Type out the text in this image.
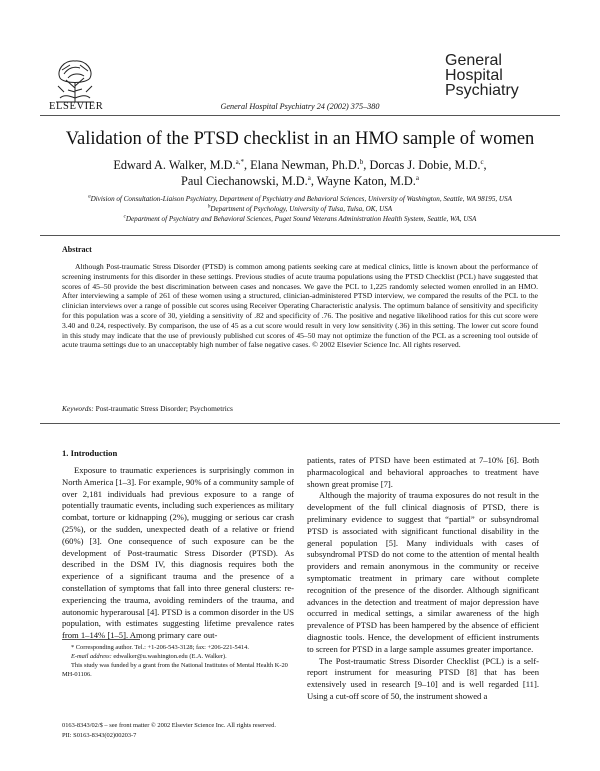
ELSEVIER	General Hospital Psychiatry 24 (2002) 375–380
General
Hospital
Psychiatry
Validation of the PTSD checklist in an HMO sample of women
Edward A. Walker, M.D.$^{a,*}$, Elana Newman, Ph.D.$^b$, Dorcas J. Dobie, M.D.$^c$,
Paul Ciechanowski, M.D.$^a$, Wayne Katon, M.D.$^a$
$^a$Division of Consultation-Liaison Psychiatry, Department of Psychiatry and Behavioral Sciences, University of Washington, Seattle, WA 98195, USA
$^b$Department of Psychology, University of Tulsa, Tulsa, OK, USA
$^c$Department of Psychiatry and Behavioral Sciences, Puget Sound Veterans Administration Health System, Seattle, WA, USA
Abstract
Although Post-traumatic Stress Disorder (PTSD) is common among patients seeking care at medical clinics, little is known about the performance of screening instruments for this disorder in these settings. Previous studies of acute trauma populations using the PTSD Checklist (PCL) have suggested that scores of 45–50 provide the best discrimination between cases and noncases. We gave the PCL to 1,225 randomly selected women enrolled in an HMO. After interviewing a sample of 261 of these women using a structured, clinician-administered PTSD interview, we compared the results of the PCL to the clinician interviews over a range of possible cut scores using Receiver Operating Characteristic analysis. The optimum balance of sensitivity and specificity for this population was a score of 30, yielding a sensitivity of .82 and specificity of .76. The positive and negative likelihood ratios for this cut score were 3.40 and 0.24, respectively. By comparison, the use of 45 as a cut score would result in very low sensitivity (.36) in this setting. The lower cut score found in this study may indicate that the use of previously published cut scores of 45–50 may not optimize the function of the PCL as a screening tool outside of acute trauma settings due to an unacceptably high number of false negative cases. © 2002 Elsevier Science Inc. All rights reserved.
Keywords: Post-traumatic Stress Disorder; Psychometrics
1. Introduction

Exposure to traumatic experiences is surprisingly common in North America [1–3]. For example, 90% of a community sample of over 2,181 individuals had previous exposure to a range of potentially traumatic events, including such experiences as military combat, torture or kidnapping (2%), mugging or serious car crash (25%), or the sudden, unexpected death of a relative or friend (60%) [3]. One consequence of such exposure can be the development of Post-traumatic Stress Disorder (PTSD). As described in the DSM IV, this diagnosis requires both the experience of a significant trauma and the presence of a constellation of symptoms that fall into three general clusters: re-experiencing the trauma, avoiding reminders of the trauma, and autonomic hyperarousal [4]. PTSD is a common disorder in the US population, with estimates suggesting lifetime prevalence rates from 1–14% [1–5]. Among primary care out-

patients, rates of PTSD have been estimated at 7–10% [6]. Both pharmacological and behavioral approaches to treatment have shown great promise [7].

Although the majority of trauma exposures do not result in the development of the full clinical diagnosis of PTSD, there is preliminary evidence to suggest that “partial” or subsyndromal PTSD is associated with significant functional disability in the general population [5]. Many individuals with cases of subsyndromal PTSD do not come to the attention of mental health providers and remain anonymous in the community or receive symptomatic treatment in primary care without complete recognition of the presence of the disorder. Although significant advances in the detection and treatment of major depression have occurred in medical settings, a similar awareness of the high prevalence of PTSD has been hampered by the absence of efficient diagnostic tools. Hence, the development of efficient instruments to screen for PTSD in a large sample assumes greater importance.

The Post-traumatic Stress Disorder Checklist (PCL) is a self-report instrument for measuring PTSD [8] that has been extensively used in research [9–10] and is well regarded [11]. Using a cut-off score of 50, the instrument showed a

* Corresponding author. Tel.: +1-206-543-3128; fax: +206-221-5414.
E-mail address: edwalker@u.washington.edu (E.A. Walker).
This study was funded by a grant from the National Institutes of Mental Health K-20 MH-01106.
0163-8343/02/$ – see front matter © 2002 Elsevier Science Inc. All rights reserved.
PII: S0163-8343(02)00203-7
